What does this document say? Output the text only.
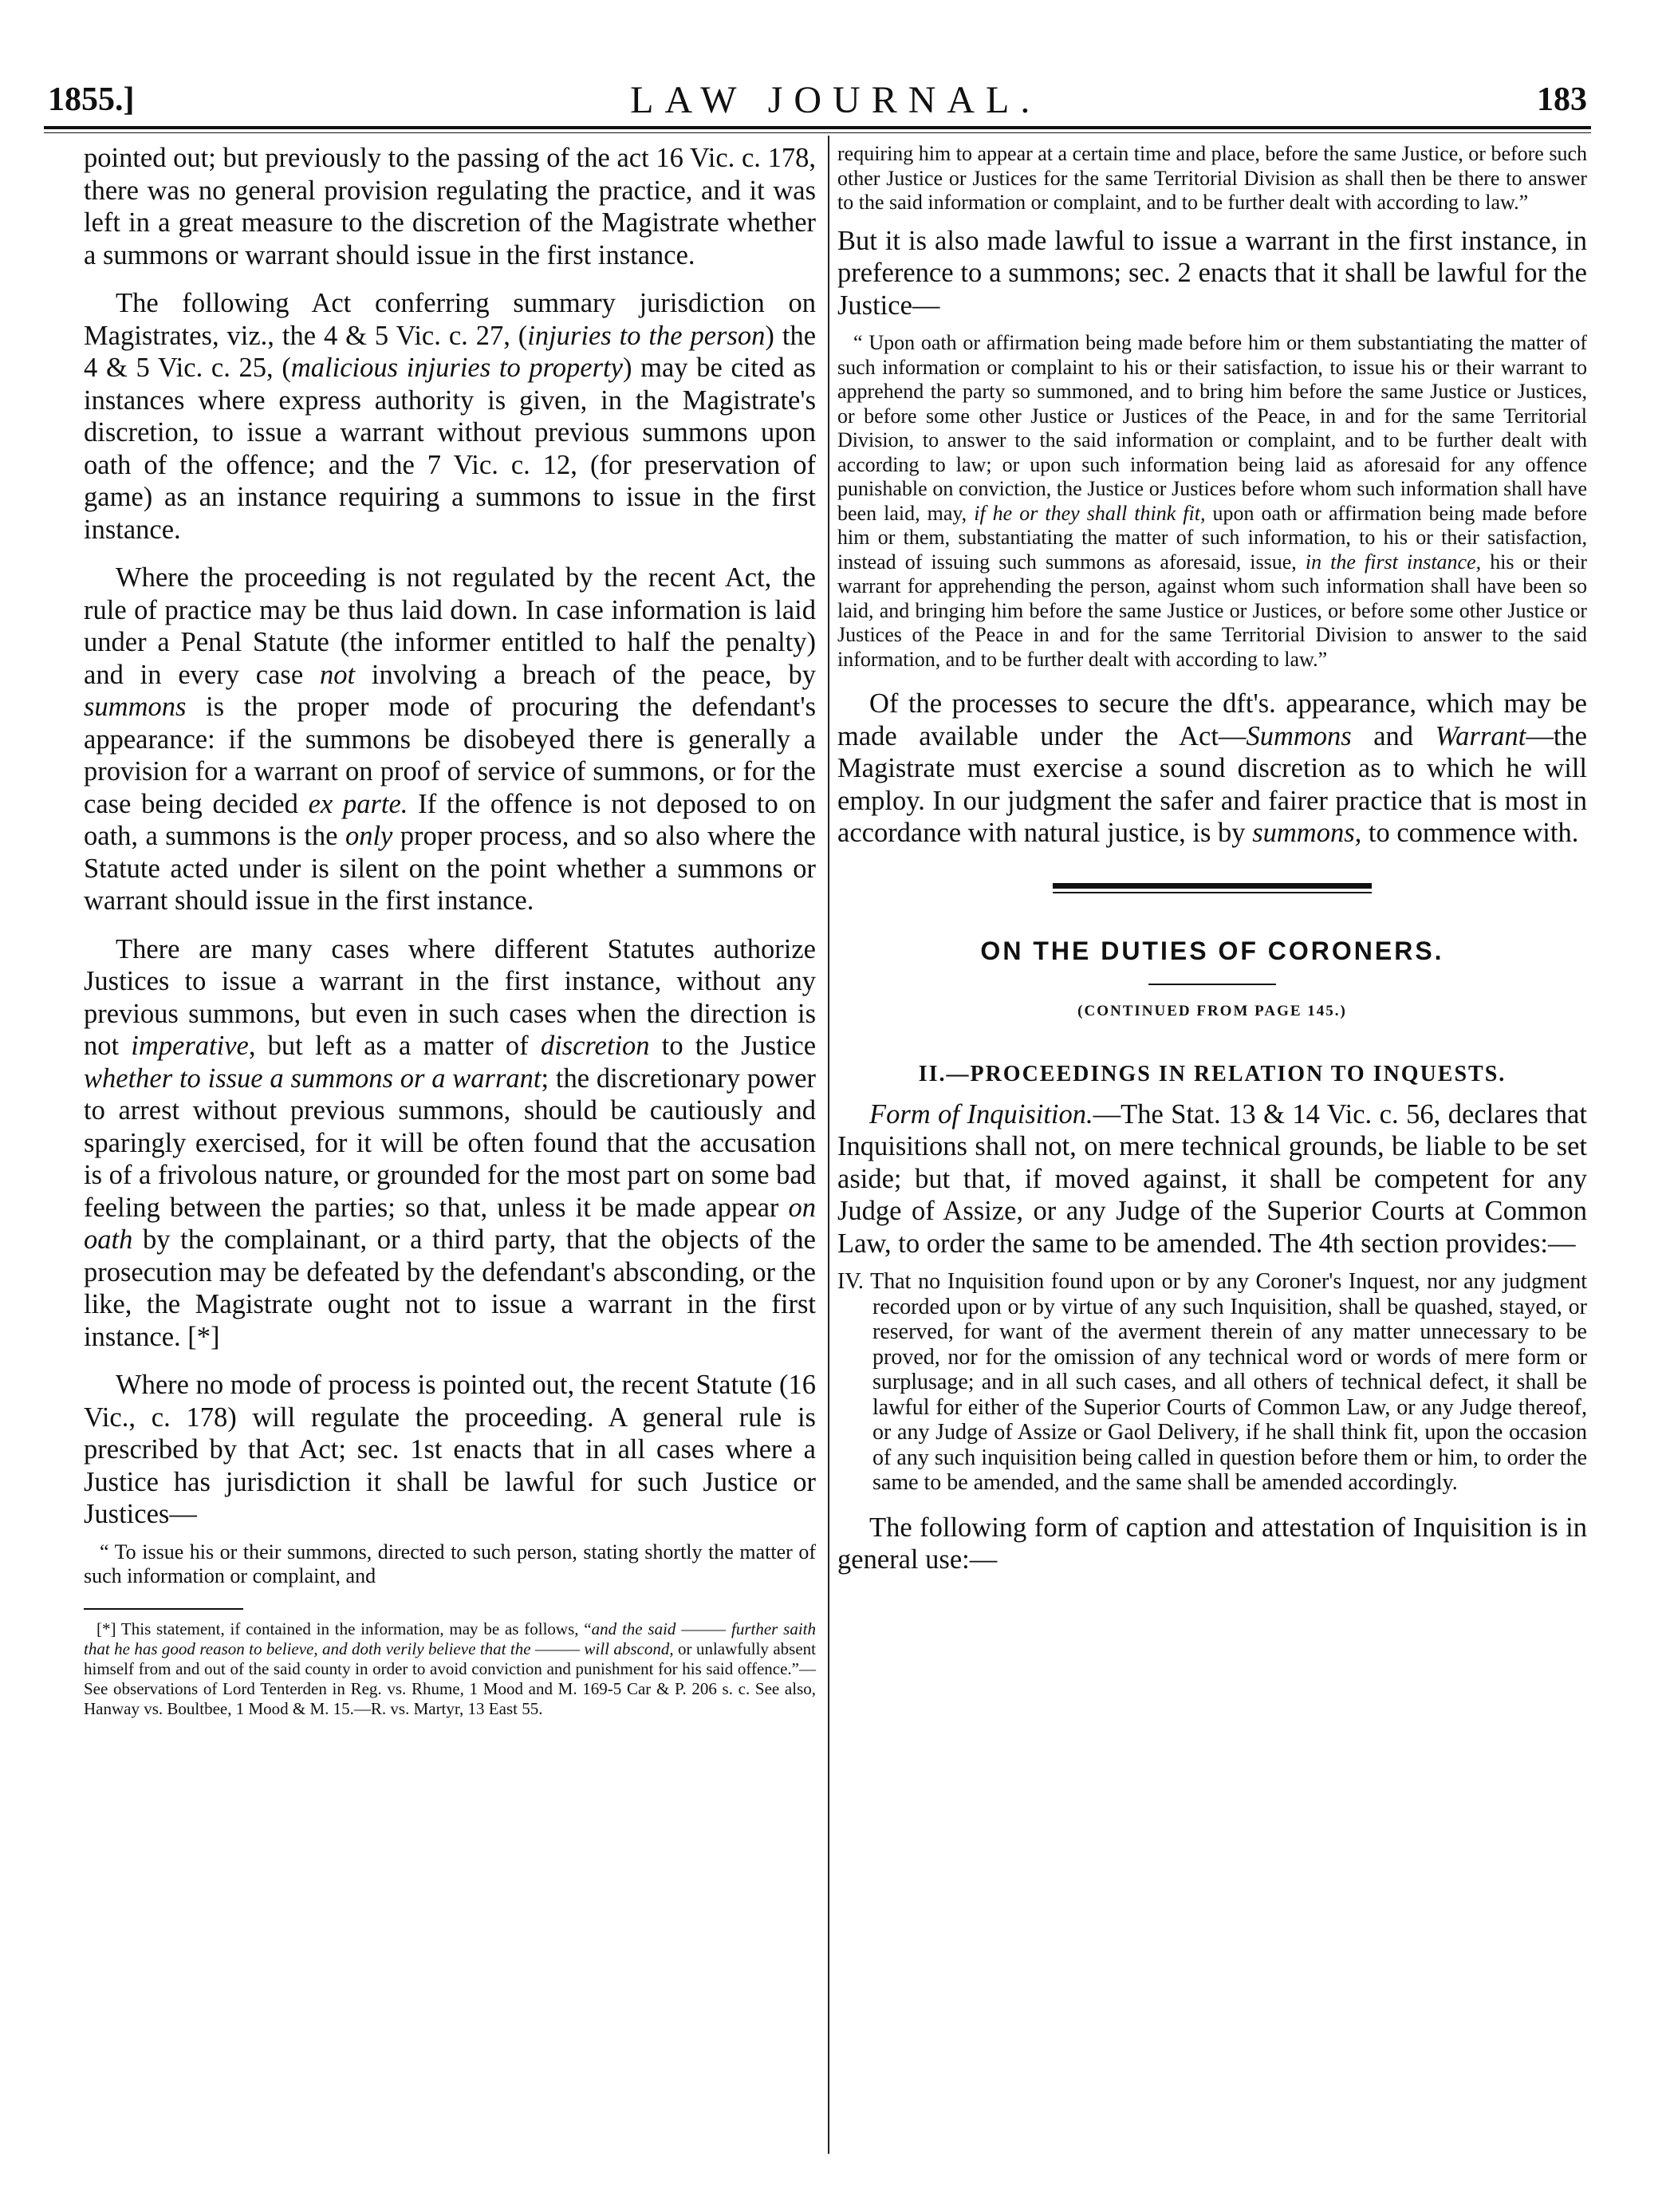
1855.]	LAW JOURNAL.	183

pointed out; but previously to the passing of the act 16 Vic. c. 178, there was no general provision regulating the practice, and it was left in a great measure to the discretion of the Magistrate whether a summons or warrant should issue in the first instance.

The following Act conferring summary jurisdiction on Magistrates, viz., the 4 & 5 Vic. c. 27, (injuries to the person) the 4 & 5 Vic. c. 25, (malicious injuries to property) may be cited as instances where express authority is given, in the Magistrate's discretion, to issue a warrant without previous summons upon oath of the offence; and the 7 Vic. c. 12, (for preservation of game) as an instance requiring a summons to issue in the first instance.

Where the proceeding is not regulated by the recent Act, the rule of practice may be thus laid down. In case information is laid under a Penal Statute (the informer entitled to half the penalty) and in every case not involving a breach of the peace, by summons is the proper mode of procuring the defendant's appearance: if the summons be disobeyed there is generally a provision for a warrant on proof of service of summons, or for the case being decided ex parte. If the offence is not deposed to on oath, a summons is the only proper process, and so also where the Statute acted under is silent on the point whether a summons or warrant should issue in the first instance.

There are many cases where different Statutes authorize Justices to issue a warrant in the first instance, without any previous summons, but even in such cases when the direction is not imperative, but left as a matter of discretion to the Justice whether to issue a summons or a warrant; the discretionary power to arrest without previous summons, should be cautiously and sparingly exercised, for it will be often found that the accusation is of a frivolous nature, or grounded for the most part on some bad feeling between the parties; so that, unless it be made appear on oath by the complainant, or a third party, that the objects of the prosecution may be defeated by the defendant's absconding, or the like, the Magistrate ought not to issue a warrant in the first instance. [*]

Where no mode of process is pointed out, the recent Statute (16 Vic., c. 178) will regulate the proceeding. A general rule is prescribed by that Act; sec. 1st enacts that in all cases where a Justice has jurisdiction it shall be lawful for such Justice or Justices—

“ To issue his or their summons, directed to such person, stating shortly the matter of such information or complaint, and

[*] This statement, if contained in the information, may be as follows, “and the said ——— further saith that he has good reason to believe, and doth verily believe that the ——— will abscond, or unlawfully absent himself from and out of the said county in order to avoid conviction and punishment for his said offence.”—See observations of Lord Tenterden in Reg. vs. Rhume, 1 Mood and M. 169-5 Car & P. 206 s. c. See also, Hanway vs. Boultbee, 1 Mood & M. 15.—R. vs. Martyr, 13 East 55.

requiring him to appear at a certain time and place, before the same Justice, or before such other Justice or Justices for the same Territorial Division as shall then be there to answer to the said information or complaint, and to be further dealt with according to law.”

But it is also made lawful to issue a warrant in the first instance, in preference to a summons; sec. 2 enacts that it shall be lawful for the Justice—

“ Upon oath or affirmation being made before him or them substantiating the matter of such information or complaint to his or their satisfaction, to issue his or their warrant to apprehend the party so summoned, and to bring him before the same Justice or Justices, or before some other Justice or Justices of the Peace, in and for the same Territorial Division, to answer to the said information or complaint, and to be further dealt with according to law; or upon such information being laid as aforesaid for any offence punishable on conviction, the Justice or Justices before whom such information shall have been laid, may, if he or they shall think fit, upon oath or affirmation being made before him or them, substantiating the matter of such information, to his or their satisfaction, instead of issuing such summons as aforesaid, issue, in the first instance, his or their warrant for apprehending the person, against whom such information shall have been so laid, and bringing him before the same Justice or Justices, or before some other Justice or Justices of the Peace in and for the same Territorial Division to answer to the said information, and to be further dealt with according to law.”

Of the processes to secure the dft's. appearance, which may be made available under the Act—Summons and Warrant—the Magistrate must exercise a sound discretion as to which he will employ. In our judgment the safer and fairer practice that is most in accordance with natural justice, is by summons, to commence with.

ON THE DUTIES OF CORONERS.
(CONTINUED FROM PAGE 145.)
II.—PROCEEDINGS IN RELATION TO INQUESTS.

Form of Inquisition.—The Stat. 13 & 14 Vic. c. 56, declares that Inquisitions shall not, on mere technical grounds, be liable to be set aside; but that, if moved against, it shall be competent for any Judge of Assize, or any Judge of the Superior Courts at Common Law, to order the same to be amended. The 4th section provides:—

IV. That no Inquisition found upon or by any Coroner's Inquest, nor any judgment recorded upon or by virtue of any such Inquisition, shall be quashed, stayed, or reserved, for want of the averment therein of any matter unnecessary to be proved, nor for the omission of any technical word or words of mere form or surplusage; and in all such cases, and all others of technical defect, it shall be lawful for either of the Superior Courts of Common Law, or any Judge thereof, or any Judge of Assize or Gaol Delivery, if he shall think fit, upon the occasion of any such inquisition being called in question before them or him, to order the same to be amended, and the same shall be amended accordingly.

The following form of caption and attestation of Inquisition is in general use:—
